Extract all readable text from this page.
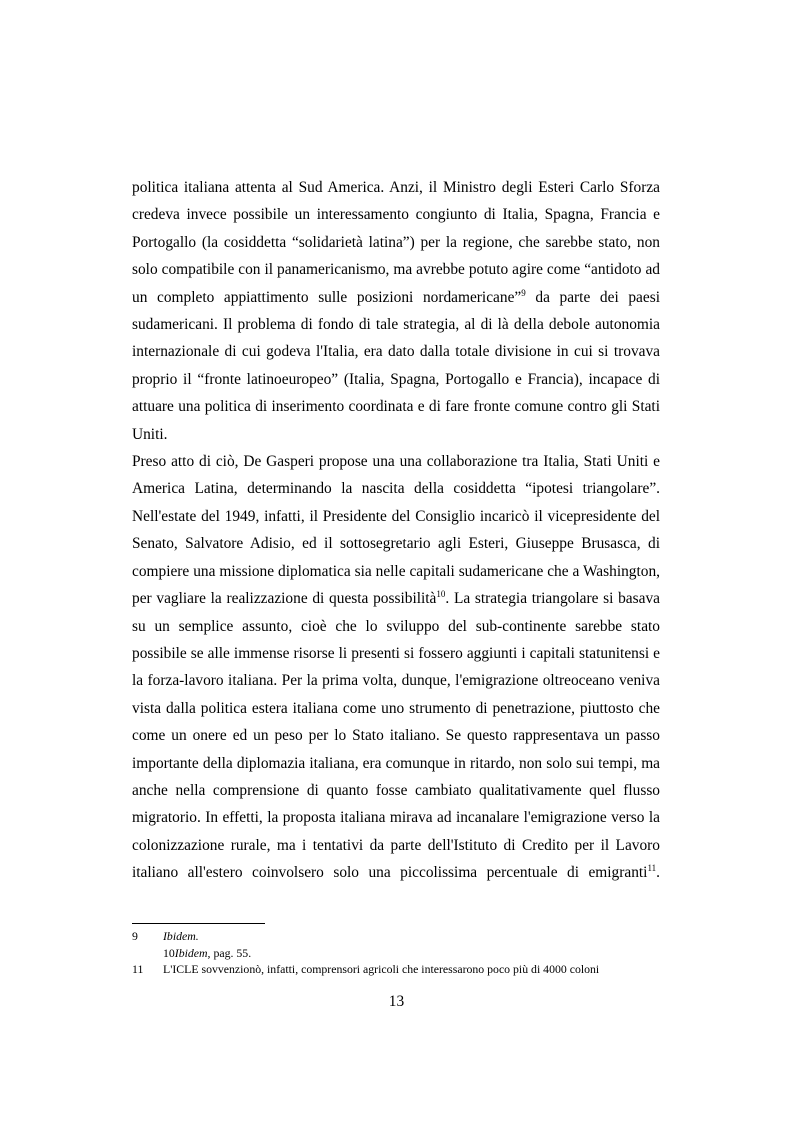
politica italiana attenta al Sud America. Anzi, il Ministro degli Esteri Carlo Sforza credeva invece possibile un interessamento congiunto di Italia, Spagna, Francia e Portogallo (la cosiddetta “solidarietà latina”) per la regione, che sarebbe stato, non solo compatibile con il panamericanismo, ma avrebbe potuto agire come “antidoto ad un completo appiattimento sulle posizioni nordamericane”$^9$ da parte dei paesi sudamericani. Il problema di fondo di tale strategia, al di là della debole autonomia internazionale di cui godeva l'Italia, era dato dalla totale divisione in cui si trovava proprio il “fronte latinoeuropeo” (Italia, Spagna, Portogallo e Francia), incapace di attuare una politica di inserimento coordinata e di fare fronte comune contro gli Stati Uniti.

Preso atto di ciò, De Gasperi propose una una collaborazione tra Italia, Stati Uniti e America Latina, determinando la nascita della cosiddetta “ipotesi triangolare”. Nell'estate del 1949, infatti, il Presidente del Consiglio incaricò il vicepresidente del Senato, Salvatore Adisio, ed il sottosegretario agli Esteri, Giuseppe Brusasca, di compiere una missione diplomatica sia nelle capitali sudamericane che a Washington, per vagliare la realizzazione di questa possibilità$^{10}$. La strategia triangolare si basava su un semplice assunto, cioè che lo sviluppo del sub-continente sarebbe stato possibile se alle immense risorse li presenti si fossero aggiunti i capitali statunitensi e la forza-lavoro italiana. Per la prima volta, dunque, l'emigrazione oltreoceano veniva vista dalla politica estera italiana come uno strumento di penetrazione, piuttosto che come un onere ed un peso per lo Stato italiano. Se questo rappresentava un passo importante della diplomazia italiana, era comunque in ritardo, non solo sui tempi, ma anche nella comprensione di quanto fosse cambiato qualitativamente quel flusso migratorio. In effetti, la proposta italiana mirava ad incanalare l'emigrazione verso la colonizzazione rurale, ma i tentativi da parte dell'Istituto di Credito per il Lavoro italiano all'estero coinvolsero solo una piccolissima percentuale di emigranti$^{11}$.

9 Ibidem.
10Ibidem, pag. 55.
11 L'ICLE sovvenzionò, infatti, comprensori agricoli che interessarono poco più di 4000 coloni
13
